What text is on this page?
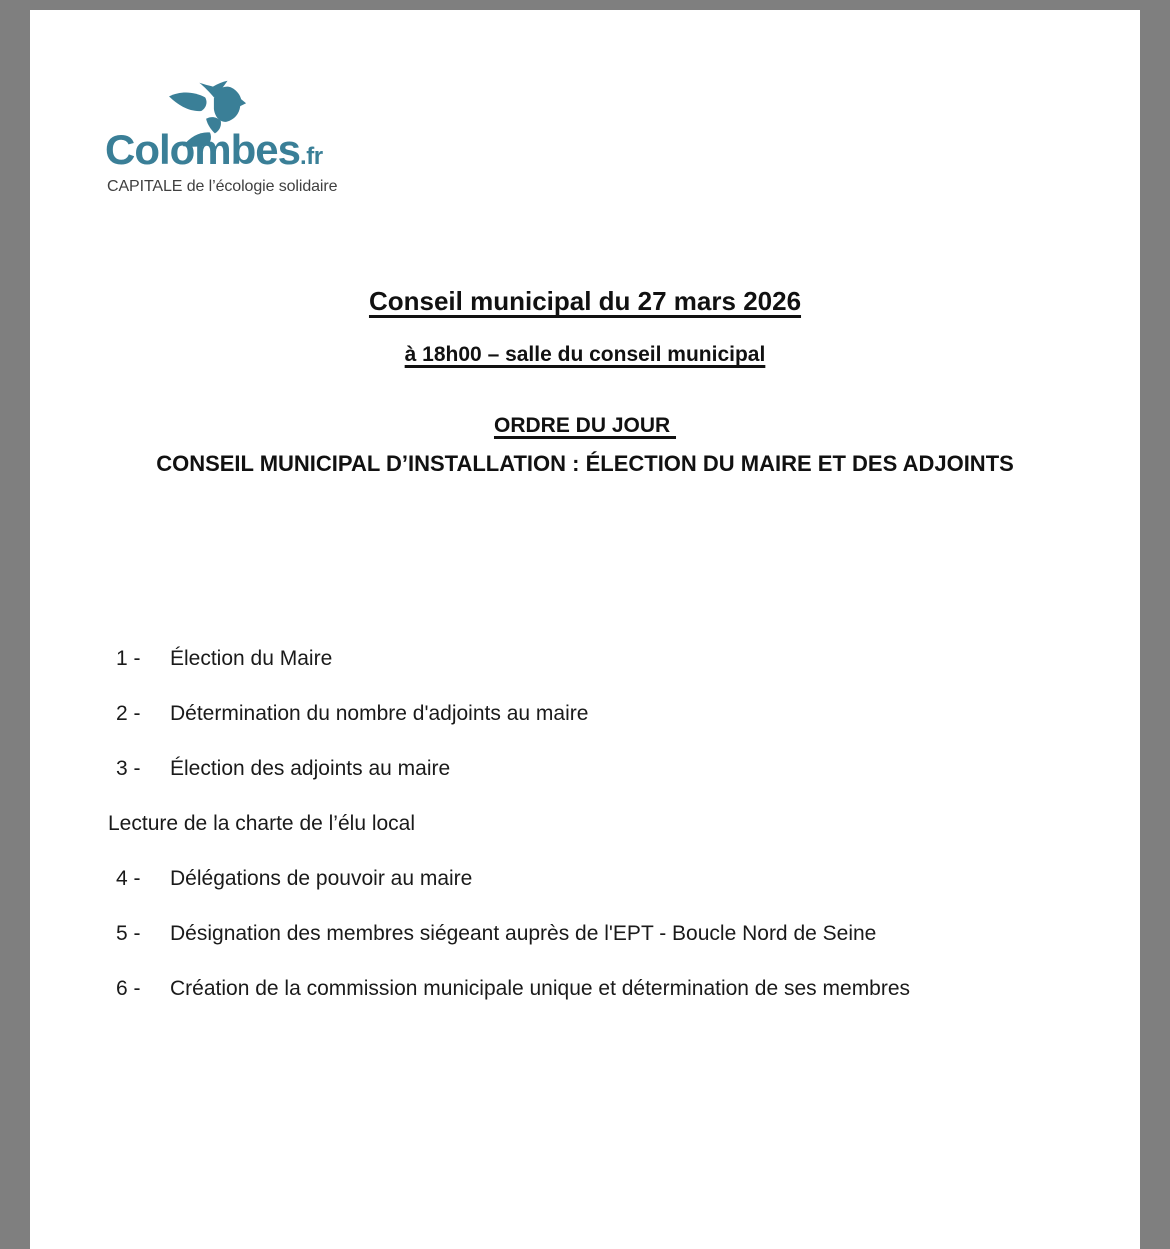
Colombes.fr
CAPITALE de l’écologie solidaire
Conseil municipal du 27 mars 2026
à 18h00 – salle du conseil municipal
ORDRE DU JOUR
CONSEIL MUNICIPAL D’INSTALLATION : ÉLECTION DU MAIRE ET DES ADJOINTS
1 - Élection du Maire
2 - Détermination du nombre d'adjoints au maire
3 - Élection des adjoints au maire
Lecture de la charte de l’élu local
4 - Délégations de pouvoir au maire
5 - Désignation des membres siégeant auprès de l'EPT - Boucle Nord de Seine
6 - Création de la commission municipale unique et détermination de ses membres
